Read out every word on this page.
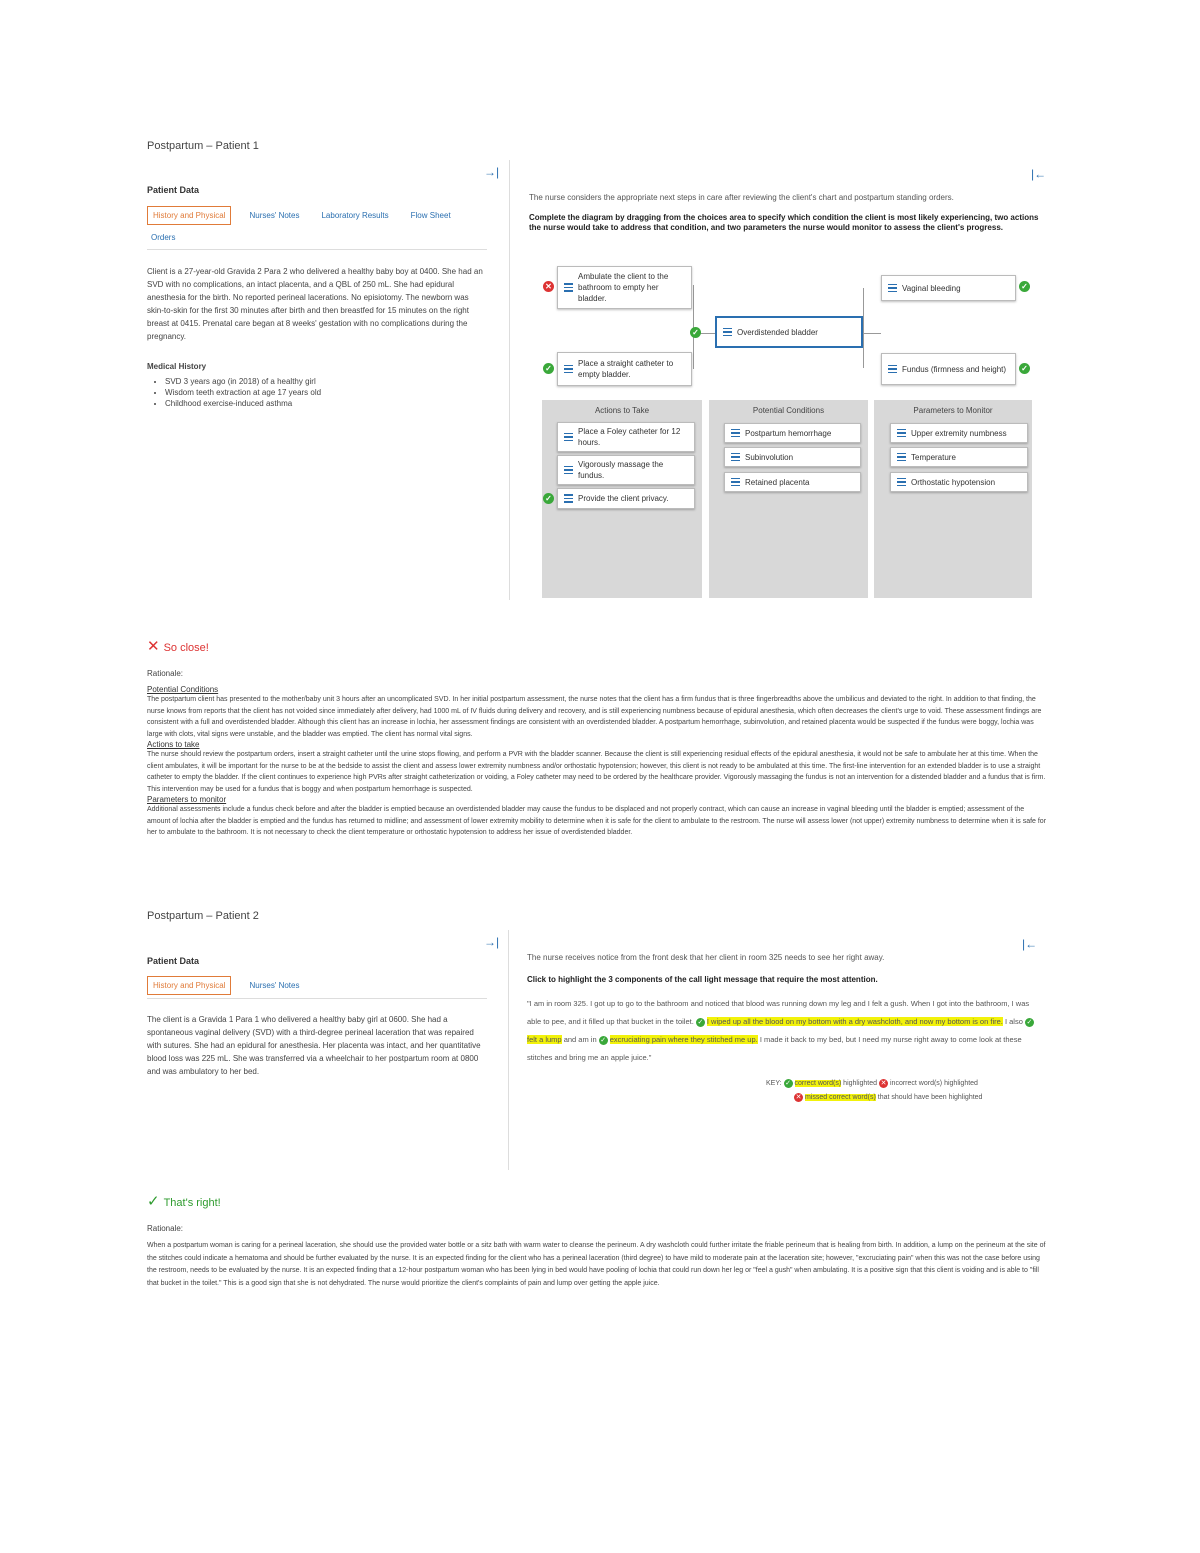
Postpartum – Patient 1
→|	|←
Patient Data
History and Physical	Nurses' Notes	Laboratory Results	Flow Sheet
Orders
Client is a 27-year-old Gravida 2 Para 2 who delivered a healthy baby boy at 0400. She had an SVD with no complications, an intact placenta, and a QBL of 250 mL. She had epidural anesthesia for the birth. No reported perineal lacerations. No episiotomy. The newborn was skin-to-skin for the first 30 minutes after birth and then breastfed for 15 minutes on the right breast at 0415. Prenatal care began at 8 weeks' gestation with no complications during the pregnancy.
Medical History
• SVD 3 years ago (in 2018) of a healthy girl
• Wisdom teeth extraction at age 17 years old
• Childhood exercise-induced asthma
The nurse considers the appropriate next steps in care after reviewing the client's chart and postpartum standing orders.
Complete the diagram by dragging from the choices area to specify which condition the client is most likely experiencing, two actions the nurse would take to address that condition, and two parameters the nurse would monitor to assess the client's progress.
Ambulate the client to the bathroom to empty her bladder.
✕
Place a straight catheter to empty bladder.
✓
Overdistended bladder
✓
Vaginal bleeding	✓
Fundus (firmness and height) ✓
Actions to Take	Potential Conditions	Parameters to Monitor
Place a Foley catheter for 12 hours.
Vigorously massage the fundus.
Provide the client privacy.
✓
Postpartum hemorrhage
Subinvolution
Retained placenta
Upper extremity numbness
Temperature
Orthostatic hypotension
✕ So close!
Rationale:
Potential Conditions
The postpartum client has presented to the mother/baby unit 3 hours after an uncomplicated SVD. In her initial postpartum assessment, the nurse notes that the client has a firm fundus that is three fingerbreadths above the umbilicus and deviated to the right. In addition to that finding, the nurse knows from reports that the client has not voided since immediately after delivery, had 1000 mL of IV fluids during delivery and recovery, and is still experiencing numbness because of epidural anesthesia, which often decreases the client's urge to void. These assessment findings are consistent with a full and overdistended bladder. Although this client has an increase in lochia, her assessment findings are consistent with an overdistended bladder. A postpartum hemorrhage, subinvolution, and retained placenta would be suspected if the fundus were boggy, lochia was large with clots, vital signs were unstable, and the bladder was emptied. The client has normal vital signs.
Actions to take
The nurse should review the postpartum orders, insert a straight catheter until the urine stops flowing, and perform a PVR with the bladder scanner. Because the client is still experiencing residual effects of the epidural anesthesia, it would not be safe to ambulate her at this time. When the client ambulates, it will be important for the nurse to be at the bedside to assist the client and assess lower extremity numbness and/or orthostatic hypotension; however, this client is not ready to be ambulated at this time. The first-line intervention for an extended bladder is to use a straight catheter to empty the bladder. If the client continues to experience high PVRs after straight catheterization or voiding, a Foley catheter may need to be ordered by the healthcare provider. Vigorously massaging the fundus is not an intervention for a distended bladder and a fundus that is firm. This intervention may be used for a fundus that is boggy and when postpartum hemorrhage is suspected.
Parameters to monitor
Additional assessments include a fundus check before and after the bladder is emptied because an overdistended bladder may cause the fundus to be displaced and not properly contract, which can cause an increase in vaginal bleeding until the bladder is emptied; assessment of the amount of lochia after the bladder is emptied and the fundus has returned to midline; and assessment of lower extremity mobility to determine when it is safe for the client to ambulate to the restroom. The nurse will assess lower (not upper) extremity numbness to determine when it is safe for her to ambulate to the bathroom. It is not necessary to check the client temperature or orthostatic hypotension to address her issue of overdistended bladder.
Postpartum – Patient 2
→|	|←
Patient Data
History and Physical	Nurses' Notes
The client is a Gravida 1 Para 1 who delivered a healthy baby girl at 0600. She had a spontaneous vaginal delivery (SVD) with a third-degree perineal laceration that was repaired with sutures. She had an epidural for anesthesia. Her placenta was intact, and her quantitative blood loss was 225 mL. She was transferred via a wheelchair to her postpartum room at 0800 and was ambulatory to her bed.
The nurse receives notice from the front desk that her client in room 325 needs to see her right away.
Click to highlight the 3 components of the call light message that require the most attention.
"I am in room 325. I got up to go to the bathroom and noticed that blood was running down my leg and I felt a gush. When I got into the bathroom, I was able to pee, and it filled up that bucket in the toilet. ✓ I wiped up all the blood on my bottom with a dry washcloth, and now my bottom is on fire. I also ✓felt a lump and am in ✓ excruciating pain where they stitched me up. I made it back to my bed, but I need my nurse right away to come look at these stitches and bring me an apple juice."
KEY: ✓ correct word(s) highlighted ✕ incorrect word(s) highlighted
✕ missed correct word(s) that should have been highlighted
✓ That's right!
Rationale:
When a postpartum woman is caring for a perineal laceration, she should use the provided water bottle or a sitz bath with warm water to cleanse the perineum. A dry washcloth could further irritate the friable perineum that is healing from birth. In addition, a lump on the perineum at the site of the stitches could indicate a hematoma and should be further evaluated by the nurse. It is an expected finding for the client who has a perineal laceration (third degree) to have mild to moderate pain at the laceration site; however, "excruciating pain" when this was not the case before using the restroom, needs to be evaluated by the nurse. It is an expected finding that a 12-hour postpartum woman who has been lying in bed would have pooling of lochia that could run down her leg or "feel a gush" when ambulating. It is a positive sign that this client is voiding and is able to "fill that bucket in the toilet." This is a good sign that she is not dehydrated. The nurse would prioritize the client's complaints of pain and lump over getting the apple juice.
